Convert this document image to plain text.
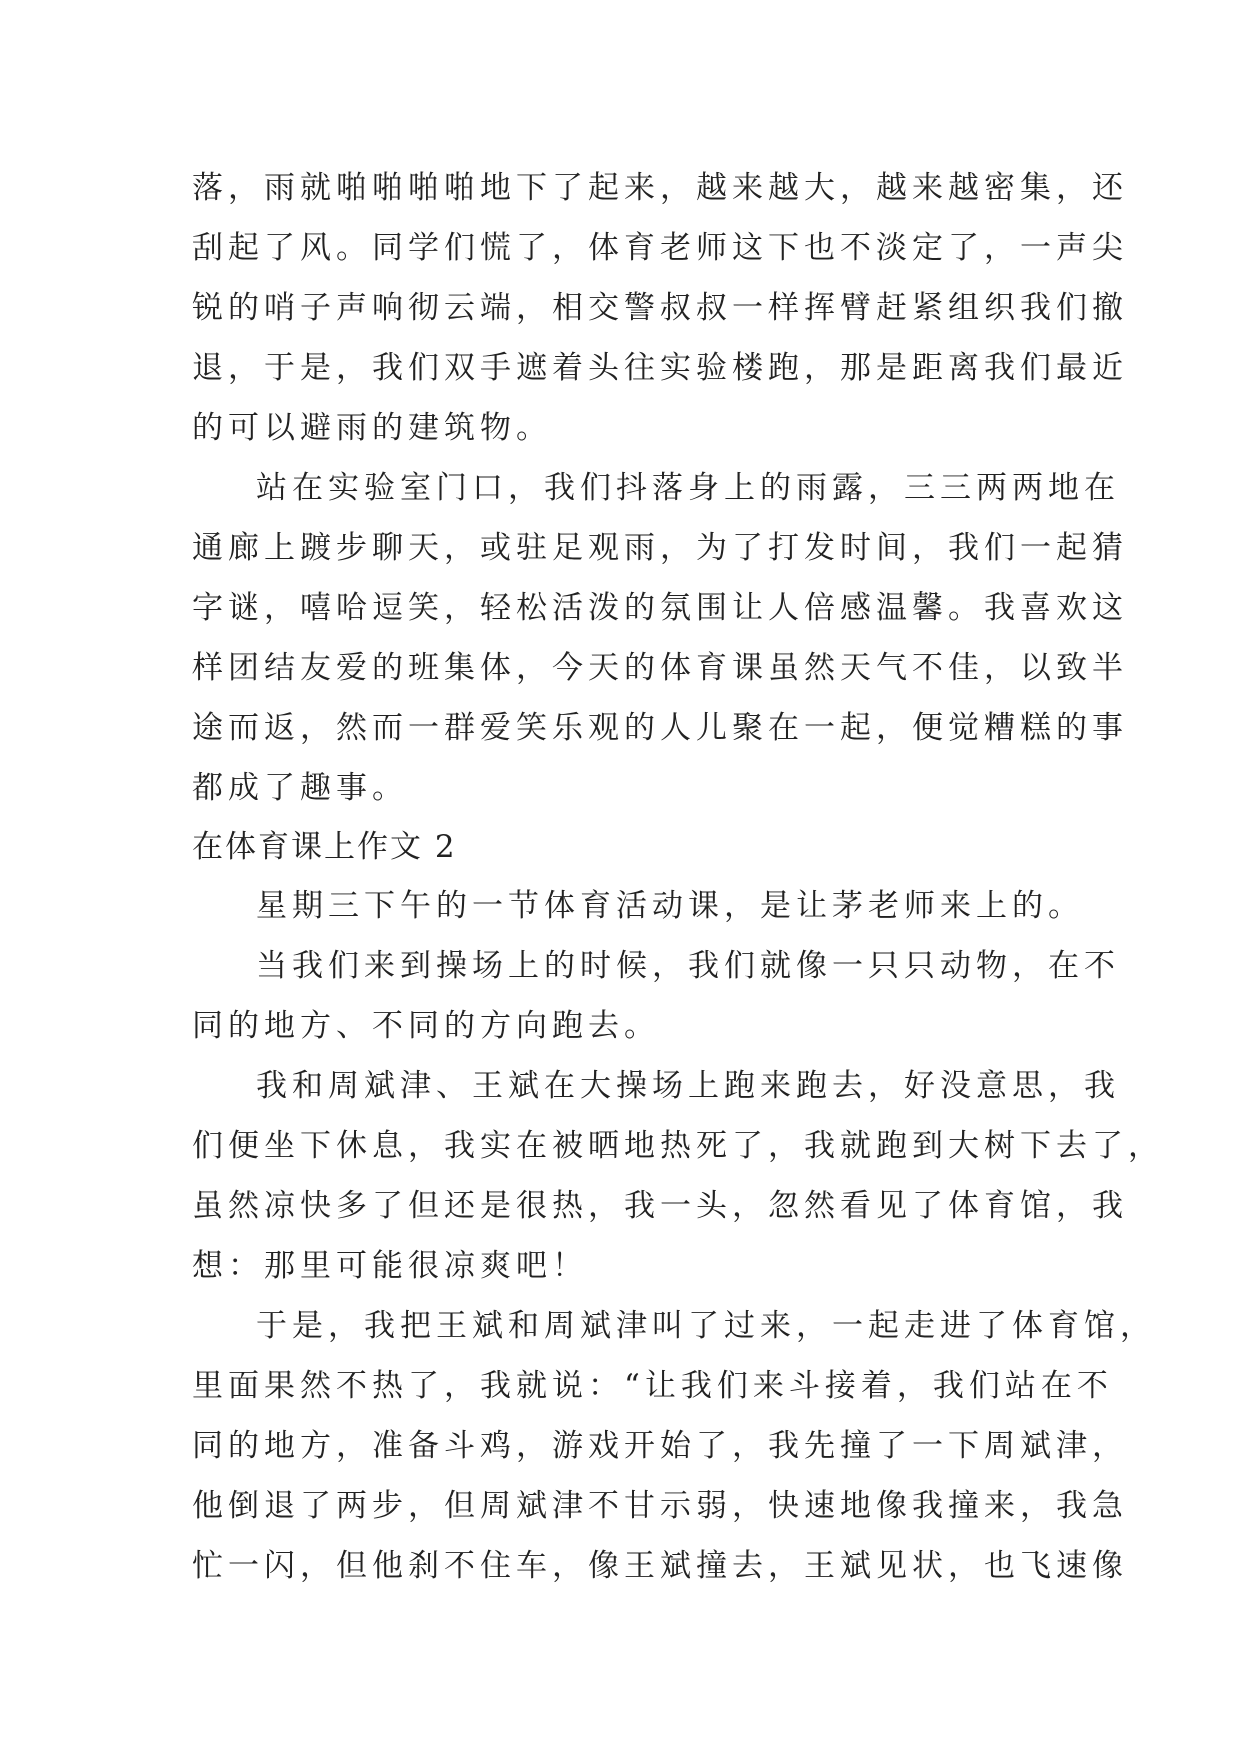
落，雨就啪啪啪啪地下了起来，越来越大，越来越密集，还
刮起了风。同学们慌了，体育老师这下也不淡定了，一声尖
锐的哨子声响彻云端，相交警叔叔一样挥臂赶紧组织我们撤
退，于是，我们双手遮着头往实验楼跑，那是距离我们最近
的可以避雨的建筑物。
站在实验室门口，我们抖落身上的雨露，三三两两地在
通廊上踱步聊天，或驻足观雨，为了打发时间，我们一起猜
字谜，嘻哈逗笑，轻松活泼的氛围让人倍感温馨。我喜欢这
样团结友爱的班集体，今天的体育课虽然天气不佳，以致半
途而返，然而一群爱笑乐观的人儿聚在一起，便觉糟糕的事
都成了趣事。
在体育课上作文 2
星期三下午的一节体育活动课，是让茅老师来上的。
当我们来到操场上的时候，我们就像一只只动物，在不
同的地方、不同的方向跑去。
我和周斌津、王斌在大操场上跑来跑去，好没意思，我
们便坐下休息，我实在被晒地热死了，我就跑到大树下去了，
虽然凉快多了但还是很热，我一头，忽然看见了体育馆，我
想：那里可能很凉爽吧！
于是，我把王斌和周斌津叫了过来，一起走进了体育馆，
里面果然不热了，我就说：“让我们来斗接着，我们站在不
同的地方，准备斗鸡，游戏开始了，我先撞了一下周斌津，
他倒退了两步，但周斌津不甘示弱，快速地像我撞来，我急
忙一闪，但他刹不住车，像王斌撞去，王斌见状，也飞速像
